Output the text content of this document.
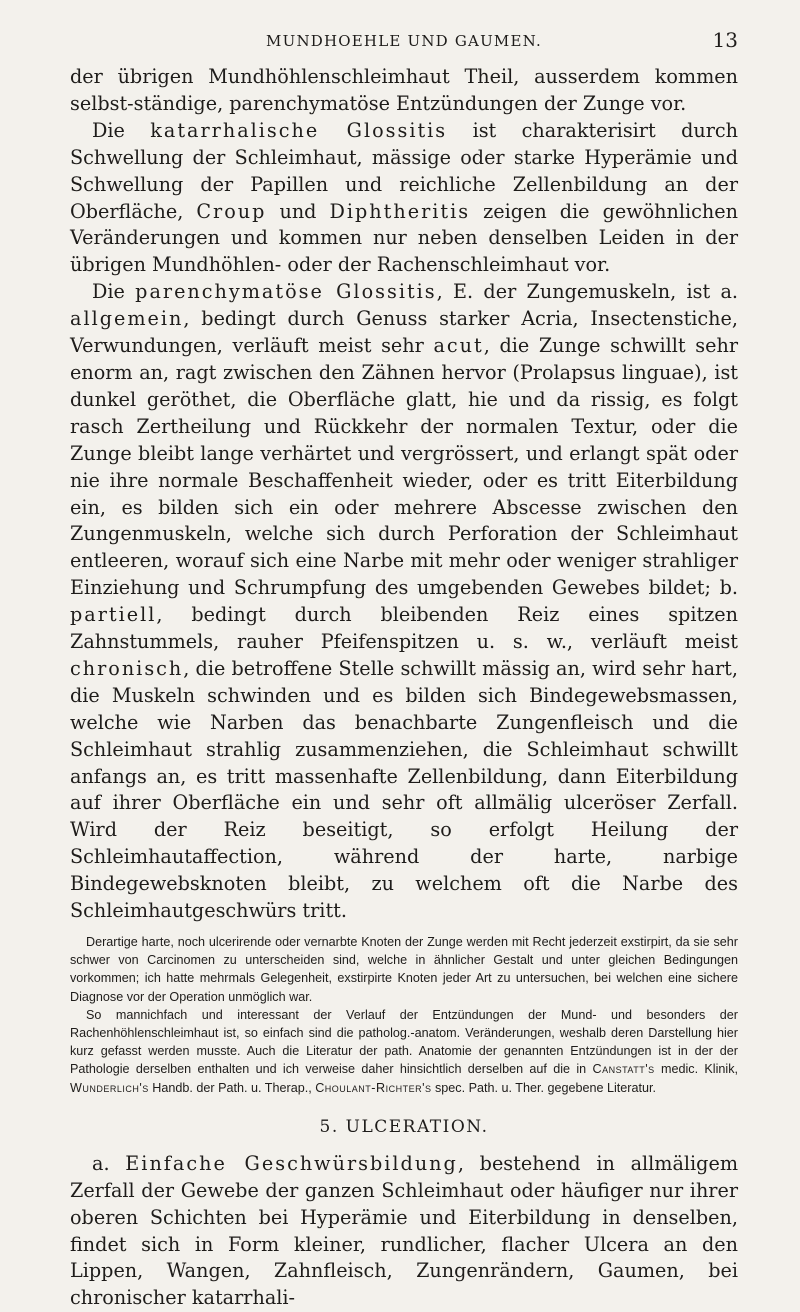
MUNDHOEHLE UND GAUMEN.	13

der übrigen Mundhöhlenschleimhaut Theil, ausserdem kommen selbst-ständige, parenchymatöse Entzündungen der Zunge vor.

Die katarrhalische Glossitis ist charakterisirt durch Schwellung der Schleimhaut, mässige oder starke Hyperämie und Schwellung der Papillen und reichliche Zellenbildung an der Oberfläche, Croup und Diphtheritis zeigen die gewöhnlichen Veränderungen und kommen nur neben denselben Leiden in der übrigen Mundhöhlen- oder der Rachenschleimhaut vor.

Die parenchymatöse Glossitis, E. der Zungemuskeln, ist a. allgemein, bedingt durch Genuss starker Acria, Insectenstiche, Verwundungen, verläuft meist sehr acut, die Zunge schwillt sehr enorm an, ragt zwischen den Zähnen hervor (Prolapsus linguae), ist dunkel geröthet, die Oberfläche glatt, hie und da rissig, es folgt rasch Zertheilung und Rückkehr der normalen Textur, oder die Zunge bleibt lange verhärtet und vergrössert, und erlangt spät oder nie ihre normale Beschaffenheit wieder, oder es tritt Eiterbildung ein, es bilden sich ein oder mehrere Abscesse zwischen den Zungenmuskeln, welche sich durch Perforation der Schleimhaut entleeren, worauf sich eine Narbe mit mehr oder weniger strahliger Einziehung und Schrumpfung des umgebenden Gewebes bildet; b. partiell, bedingt durch bleibenden Reiz eines spitzen Zahnstummels, rauher Pfeifenspitzen u. s. w., verläuft meist chronisch, die betroffene Stelle schwillt mässig an, wird sehr hart, die Muskeln schwinden und es bilden sich Bindegewebsmassen, welche wie Narben das benachbarte Zungenfleisch und die Schleimhaut strahlig zusammenziehen, die Schleimhaut schwillt anfangs an, es tritt massenhafte Zellenbildung, dann Eiterbildung auf ihrer Oberfläche ein und sehr oft allmälig ulceröser Zerfall. Wird der Reiz beseitigt, so erfolgt Heilung der Schleimhautaffection, während der harte, narbige Bindegewebsknoten bleibt, zu welchem oft die Narbe des Schleimhautgeschwürs tritt.

Derartige harte, noch ulcerirende oder vernarbte Knoten der Zunge werden mit Recht jederzeit exstirpirt, da sie sehr schwer von Carcinomen zu unterscheiden sind, welche in ähnlicher Gestalt und unter gleichen Bedingungen vorkommen; ich hatte mehrmals Gelegenheit, exstirpirte Knoten jeder Art zu untersuchen, bei welchen eine sichere Diagnose vor der Operation unmöglich war.

So mannichfach und interessant der Verlauf der Entzündungen der Mund- und besonders der Rachenhöhlenschleimhaut ist, so einfach sind die patholog.-anatom. Veränderungen, weshalb deren Darstellung hier kurz gefasst werden musste. Auch die Literatur der path. Anatomie der genannten Entzündungen ist in der der Pathologie derselben enthalten und ich verweise daher hinsichtlich derselben auf die in Canstatt's medic. Klinik, Wunderlich's Handb. der Path. u. Therap., Choulant-Richter's spec. Path. u. Ther. gegebene Literatur.

5. ULCERATION.

a. Einfache Geschwürsbildung, bestehend in allmäligem Zerfall der Gewebe der ganzen Schleimhaut oder häufiger nur ihrer oberen Schichten bei Hyperämie und Eiterbildung in denselben, findet sich in Form kleiner, rundlicher, flacher Ulcera an den Lippen, Wangen, Zahnfleisch, Zungenrändern, Gaumen, bei chronischer katarrhali-
